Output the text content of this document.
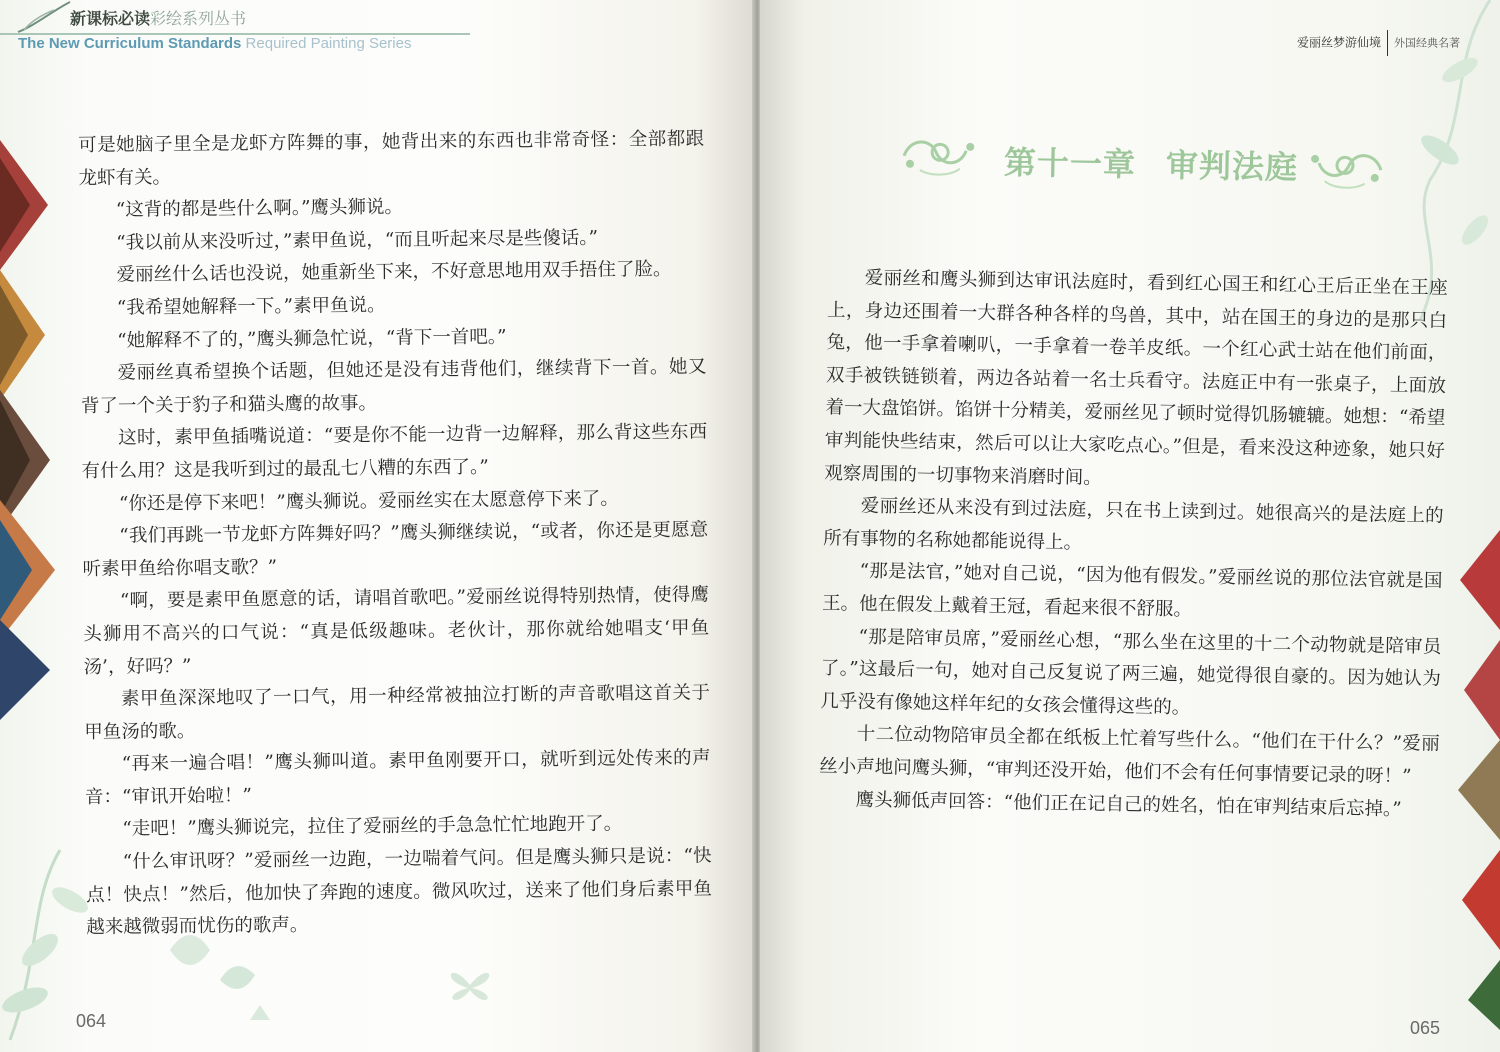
新课标必读彩绘系列丛书
The New Curriculum Standards Required Painting Series

可是她脑子里全是龙虾方阵舞的事，她背出来的东西也非常奇怪：全部都跟龙虾有关。

“这背的都是些什么啊。”鹰头狮说。

“我以前从来没听过，”素甲鱼说，“而且听起来尽是些傻话。”

爱丽丝什么话也没说，她重新坐下来，不好意思地用双手捂住了脸。

“我希望她解释一下。”素甲鱼说。

“她解释不了的，”鹰头狮急忙说，“背下一首吧。”

爱丽丝真希望换个话题，但她还是没有违背他们，继续背下一首。她又背了一个关于豹子和猫头鹰的故事。

这时，素甲鱼插嘴说道：“要是你不能一边背一边解释，那么背这些东西有什么用？这是我听到过的最乱七八糟的东西了。”

“你还是停下来吧！”鹰头狮说。爱丽丝实在太愿意停下来了。

“我们再跳一节龙虾方阵舞好吗？”鹰头狮继续说，“或者，你还是更愿意听素甲鱼给你唱支歌？”

“啊，要是素甲鱼愿意的话，请唱首歌吧。”爱丽丝说得特别热情，使得鹰头狮用不高兴的口气说：“真是低级趣味。老伙计，那你就给她唱支‘甲鱼汤’，好吗？”

素甲鱼深深地叹了一口气，用一种经常被抽泣打断的声音歌唱这首关于甲鱼汤的歌。

“再来一遍合唱！”鹰头狮叫道。素甲鱼刚要开口，就听到远处传来的声音：“审讯开始啦！”

“走吧！”鹰头狮说完，拉住了爱丽丝的手急急忙忙地跑开了。

“什么审讯呀？”爱丽丝一边跑，一边喘着气问。但是鹰头狮只是说：“快点！快点！”然后，他加快了奔跑的速度。微风吹过，送来了他们身后素甲鱼越来越微弱而忧伤的歌声。

064
爱丽丝梦游仙境 外国经典名著
第十一章 审判法庭

爱丽丝和鹰头狮到达审讯法庭时，看到红心国王和红心王后正坐在王座上，身边还围着一大群各种各样的鸟兽，其中，站在国王的身边的是那只白兔，他一手拿着喇叭，一手拿着一卷羊皮纸。一个红心武士站在他们前面，双手被铁链锁着，两边各站着一名士兵看守。法庭正中有一张桌子，上面放着一大盘馅饼。馅饼十分精美，爱丽丝见了顿时觉得饥肠辘辘。她想：“希望审判能快些结束，然后可以让大家吃点心。”但是，看来没这种迹象，她只好观察周围的一切事物来消磨时间。

爱丽丝还从来没有到过法庭，只在书上读到过。她很高兴的是法庭上的所有事物的名称她都能说得上。

“那是法官，”她对自己说，“因为他有假发。”爱丽丝说的那位法官就是国王。他在假发上戴着王冠，看起来很不舒服。

“那是陪审员席，”爱丽丝心想，“那么坐在这里的十二个动物就是陪审员了。”这最后一句，她对自己反复说了两三遍，她觉得很自豪的。因为她认为几乎没有像她这样年纪的女孩会懂得这些的。

十二位动物陪审员全都在纸板上忙着写些什么。“他们在干什么？”爱丽丝小声地问鹰头狮，“审判还没开始，他们不会有任何事情要记录的呀！”

鹰头狮低声回答：“他们正在记自己的姓名，怕在审判结束后忘掉。”

065
